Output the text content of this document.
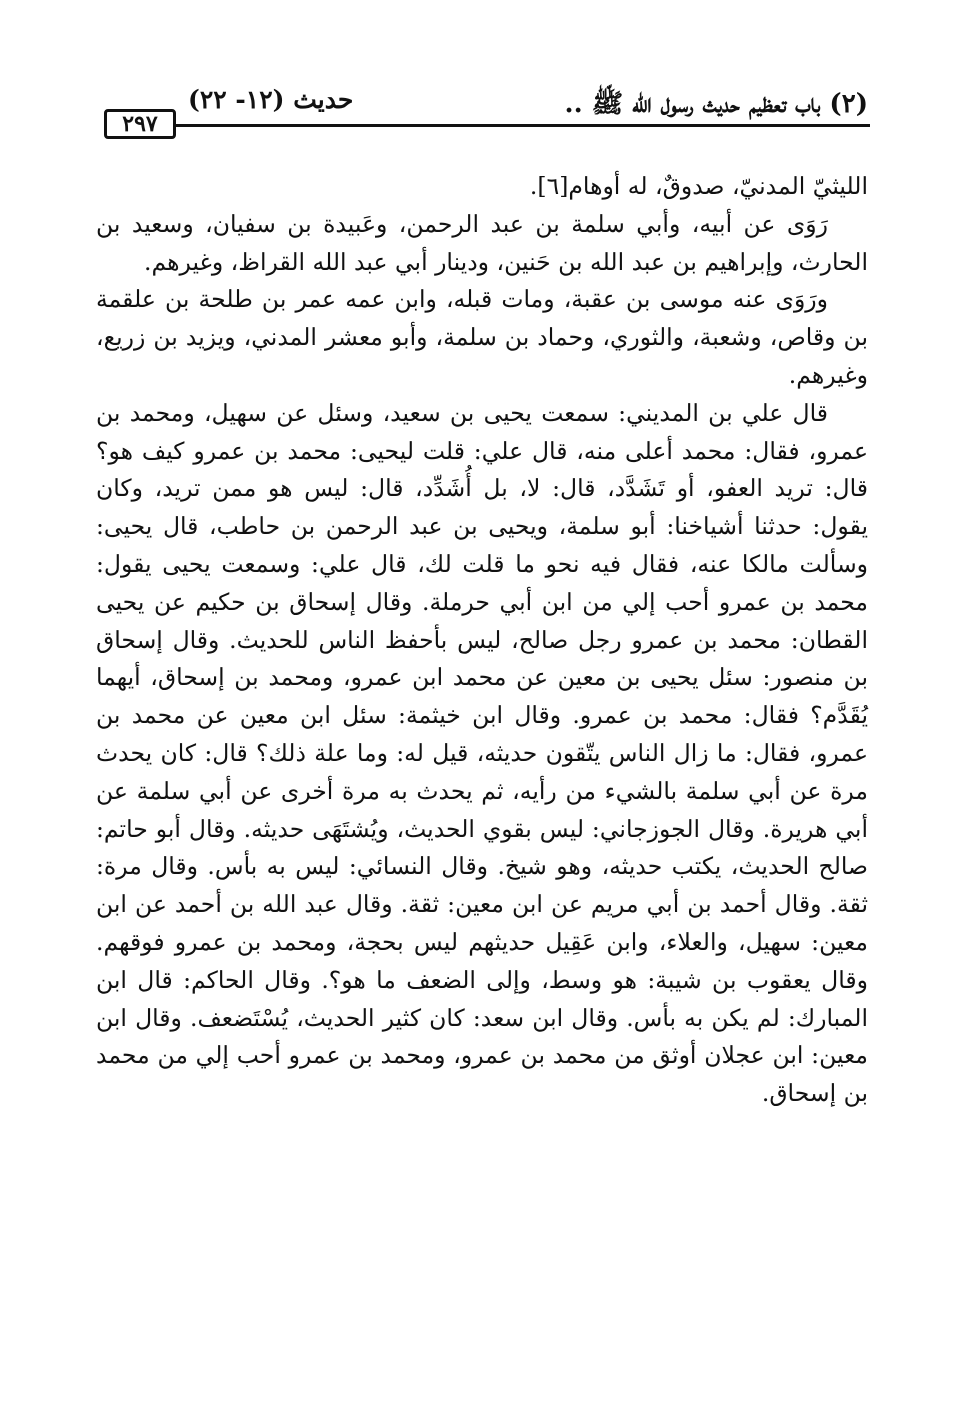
٢٩٧
حديث (١٢- ٢٢)	(٢) باب تعظيم حديث رسول الله ﷺ ..

الليثيّ المدنيّ، صدوقٌ، له أوهام[٦].

رَوَى عن أبيه، وأبي سلمة بن عبد الرحمن، وعَبيدة بن سفيان، وسعيد بن الحارث، وإبراهيم بن عبد الله بن حَنين، ودينار أبي عبد الله القراظ، وغيرهم.

ورَوَى عنه موسى بن عقبة، ومات قبله، وابن عمه عمر بن طلحة بن علقمة بن وقاص، وشعبة، والثوري، وحماد بن سلمة، وأبو معشر المدني، ويزيد بن زريع، وغيرهم.

قال علي بن المديني: سمعت يحيى بن سعيد، وسئل عن سهيل، ومحمد بن عمرو، فقال: محمد أعلى منه، قال علي: قلت ليحيى: محمد بن عمرو كيف هو؟ قال: تريد العفو، أو تَشَدَّد، قال: لا، بل أُشَدِّد، قال: ليس هو ممن تريد، وكان يقول: حدثنا أشياخنا: أبو سلمة، ويحيى بن عبد الرحمن بن حاطب، قال يحيى: وسألت مالكا عنه، فقال فيه نحو ما قلت لك، قال علي: وسمعت يحيى يقول: محمد بن عمرو أحب إلي من ابن أبي حرملة. وقال إسحاق بن حكيم عن يحيى القطان: محمد بن عمرو رجل صالح، ليس بأحفظ الناس للحديث. وقال إسحاق بن منصور: سئل يحيى بن معين عن محمد ابن عمرو، ومحمد بن إسحاق، أيهما يُقَدَّم؟ فقال: محمد بن عمرو. وقال ابن خيثمة: سئل ابن معين عن محمد بن عمرو، فقال: ما زال الناس يتّقون حديثه، قيل له: وما علة ذلك؟ قال: كان يحدث مرة عن أبي سلمة بالشيء من رأيه، ثم يحدث به مرة أخرى عن أبي سلمة عن أبي هريرة. وقال الجوزجاني: ليس بقوي الحديث، ويُشتَهَى حديثه. وقال أبو حاتم: صالح الحديث، يكتب حديثه، وهو شيخ. وقال النسائي: ليس به بأس. وقال مرة: ثقة. وقال أحمد بن أبي مريم عن ابن معين: ثقة. وقال عبد الله بن أحمد عن ابن معين: سهيل، والعلاء، وابن عَقِيل حديثهم ليس بحجة، ومحمد بن عمرو فوقهم. وقال يعقوب بن شيبة: هو وسط، وإلى الضعف ما هو؟. وقال الحاكم: قال ابن المبارك: لم يكن به بأس. وقال ابن سعد: كان كثير الحديث، يُسْتَضعف. وقال ابن معين: ابن عجلان أوثق من محمد بن عمرو، ومحمد بن عمرو أحب إلي من محمد بن إسحاق.
